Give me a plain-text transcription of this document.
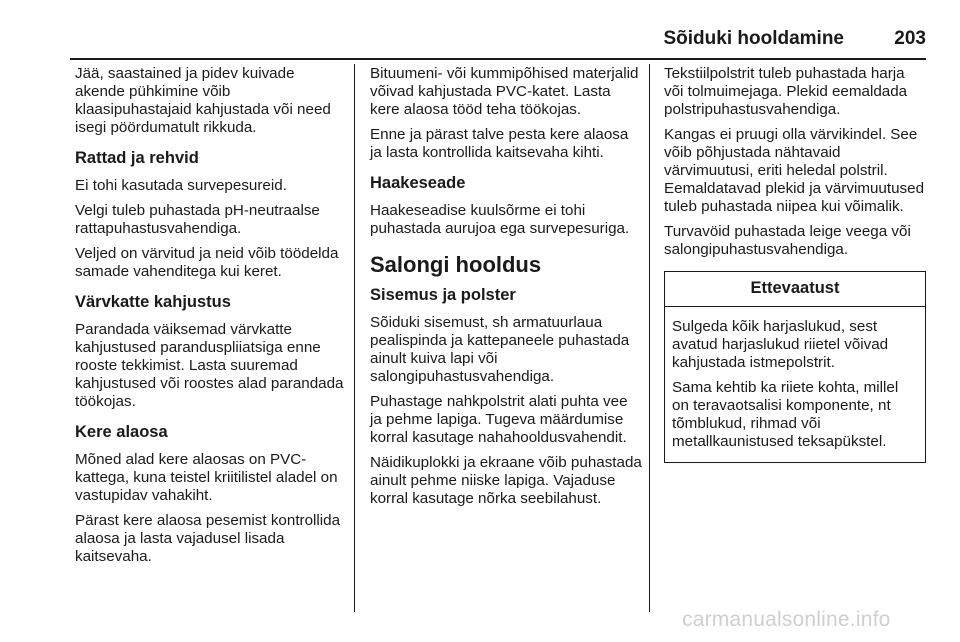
Sõiduki hooldamine	203

Jää, saastained ja pidev kuivade akende pühkimine võib klaasipuhastajaid kahjustada või need isegi pöördumatult rikkuda.

Rattad ja rehvid

Ei tohi kasutada survepesureid.

Velgi tuleb puhastada pH-neutraalse rattapuhastusvahendiga.

Veljed on värvitud ja neid võib töödelda samade vahenditega kui keret.

Värvkatte kahjustus

Parandada väiksemad värvkatte kahjustused paranduspliiatsiga enne rooste tekkimist. Lasta suuremad kahjustused või roostes alad parandada töökojas.

Kere alaosa

Mõned alad kere alaosas on PVC-kattega, kuna teistel kriitilistel aladel on vastupidav vahakiht.

Pärast kere alaosa pesemist kontrollida alaosa ja lasta vajadusel lisada kaitsevaha.

Bituumeni- või kummipõhised materjalid võivad kahjustada PVC-katet. Lasta kere alaosa tööd teha töökojas.

Enne ja pärast talve pesta kere alaosa ja lasta kontrollida kaitsevaha kihti.

Haakeseade

Haakeseadise kuulsõrme ei tohi puhastada aurujoa ega survepesuriga.

Salongi hooldus
Sisemus ja polster

Sõiduki sisemust, sh armatuurlaua pealispinda ja kattepaneele puhastada ainult kuiva lapi või salongipuhastusvahendiga.

Puhastage nahkpolstrit alati puhta vee ja pehme lapiga. Tugeva määrdumise korral kasutage nahahooldusvahendit.

Näidikuplokki ja ekraane võib puhastada ainult pehme niiske lapiga. Vajaduse korral kasutage nõrka seebilahust.

Tekstiilpolstrit tuleb puhastada harja või tolmuimejaga. Plekid eemaldada polstripuhastusvahendiga.

Kangas ei pruugi olla värvikindel. See võib põhjustada nähtavaid värvimuutusi, eriti heledal polstril. Eemaldatavad plekid ja värvimuutused tuleb puhastada niipea kui võimalik.

Turvavöid puhastada leige veega või salongipuhastusvahendiga.

Ettevaatust

Sulgeda kõik harjaslukud, sest avatud harjaslukud riietel võivad kahjustada istmepolstrit.

Sama kehtib ka riiete kohta, millel on teravaotsalisi komponente, nt tõmblukud, rihmad või metallkaunistused teksapükstel.

carmanualsonline.info
